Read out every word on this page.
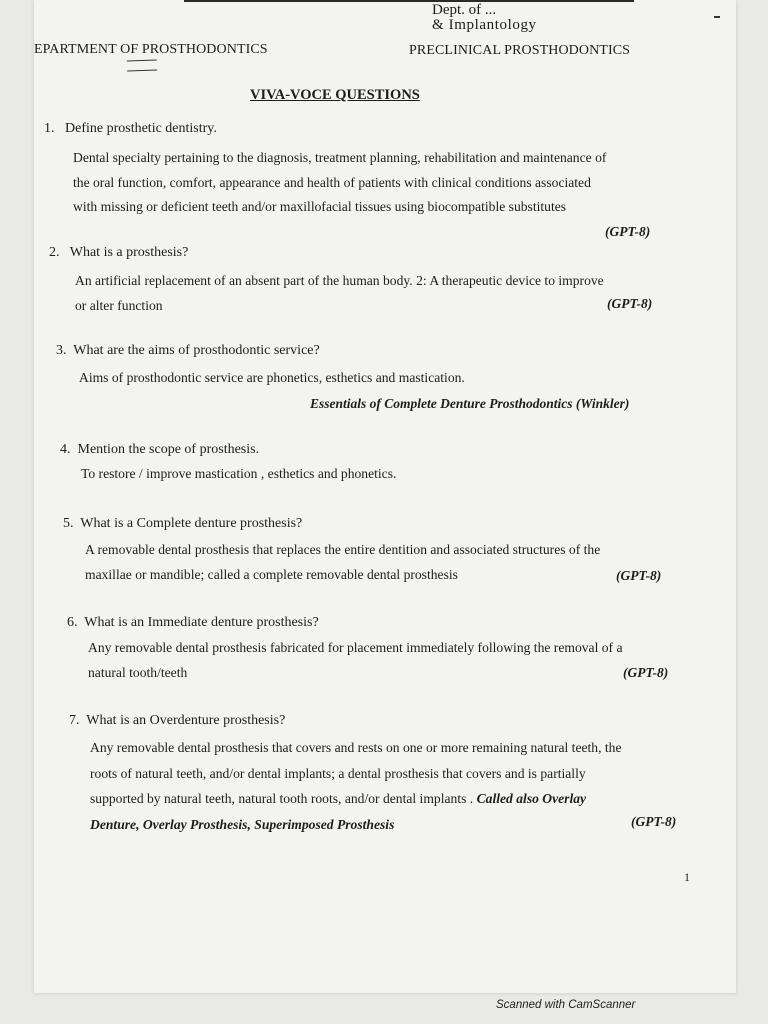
Dept. of ...
& Implantology
EPARTMENT OF PROSTHODONTICS	PRECLINICAL PROSTHODONTICS
VIVA-VOCE QUESTIONS
1. Define prosthetic dentistry.
Dental specialty pertaining to the diagnosis, treatment planning, rehabilitation and maintenance of
the oral function, comfort, appearance and health of patients with clinical conditions associated
with missing or deficient teeth and/or maxillofacial tissues using biocompatible substitutes
(GPT-8)
2. What is a prosthesis?
An artificial replacement of an absent part of the human body. 2: A therapeutic device to improve
or alter function	(GPT-8)
3. What are the aims of prosthodontic service?
Aims of prosthodontic service are phonetics, esthetics and mastication.
Essentials of Complete Denture Prosthodontics (Winkler)
4. Mention the scope of prosthesis.
To restore / improve mastication , esthetics and phonetics.
5. What is a Complete denture prosthesis?
A removable dental prosthesis that replaces the entire dentition and associated structures of the
maxillae or mandible; called a complete removable dental prosthesis	(GPT-8)
6. What is an Immediate denture prosthesis?
Any removable dental prosthesis fabricated for placement immediately following the removal of a
natural tooth/teeth	(GPT-8)
7. What is an Overdenture prosthesis?
Any removable dental prosthesis that covers and rests on one or more remaining natural teeth, the
roots of natural teeth, and/or dental implants; a dental prosthesis that covers and is partially
supported by natural teeth, natural tooth roots, and/or dental implants . Called also Overlay
Denture, Overlay Prosthesis, Superimposed Prosthesis	(GPT-8)
1
Scanned with CamScanner
